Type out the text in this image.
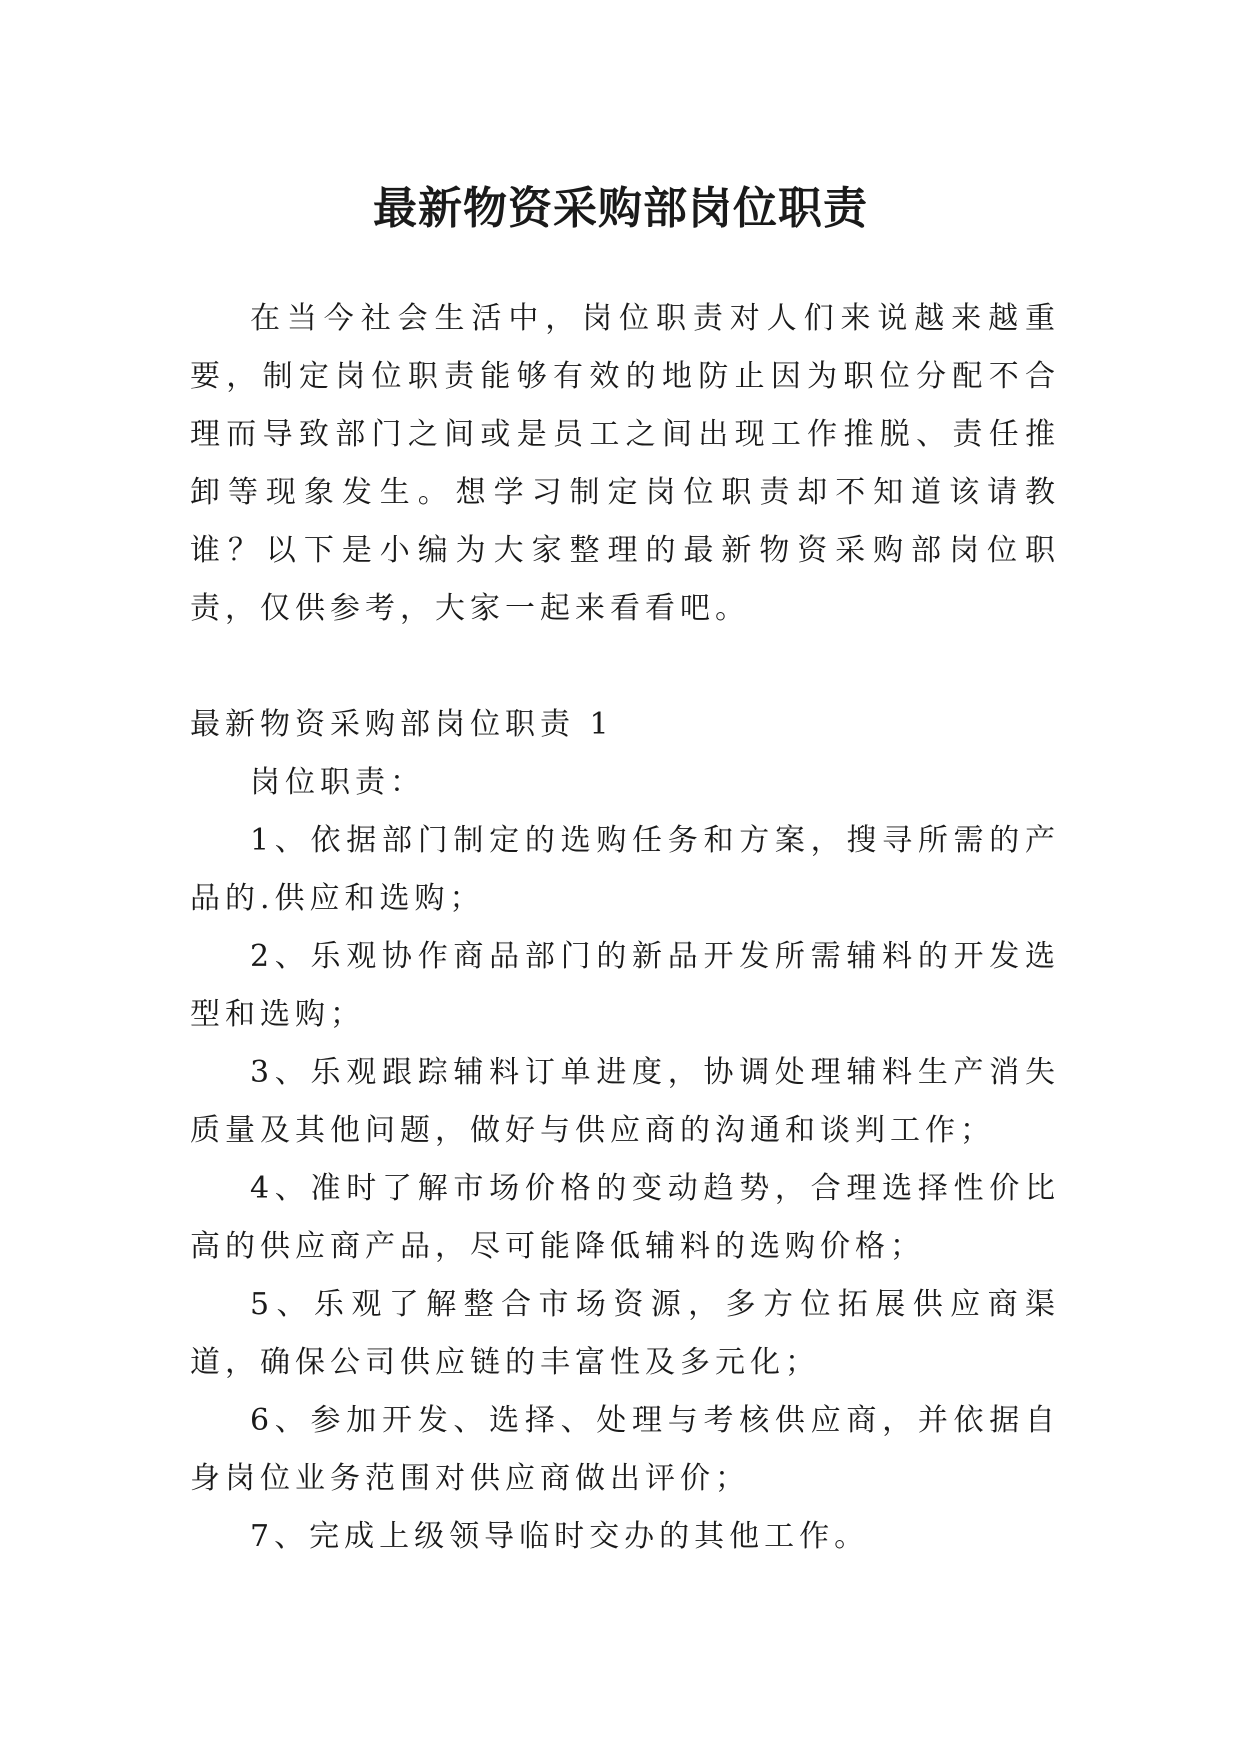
最新物资采购部岗位职责
在当今社会生活中，岗位职责对人们来说越来越重要，制定岗位职责能够有效的地防止因为职位分配不合理而导致部门之间或是员工之间出现工作推脱、责任推卸等现象发生。想学习制定岗位职责却不知道该请教谁？以下是小编为大家整理的最新物资采购部岗位职责，仅供参考，大家一起来看看吧。

最新物资采购部岗位职责 1

岗位职责：

1、依据部门制定的选购任务和方案，搜寻所需的产品的.供应和选购；

2、乐观协作商品部门的新品开发所需辅料的开发选型和选购；

3、乐观跟踪辅料订单进度，协调处理辅料生产消失质量及其他问题，做好与供应商的沟通和谈判工作；

4、准时了解市场价格的变动趋势，合理选择性价比高的供应商产品，尽可能降低辅料的选购价格；

5、乐观了解整合市场资源，多方位拓展供应商渠道，确保公司供应链的丰富性及多元化；

6、参加开发、选择、处理与考核供应商，并依据自身岗位业务范围对供应商做出评价；

7、完成上级领导临时交办的其他工作。
